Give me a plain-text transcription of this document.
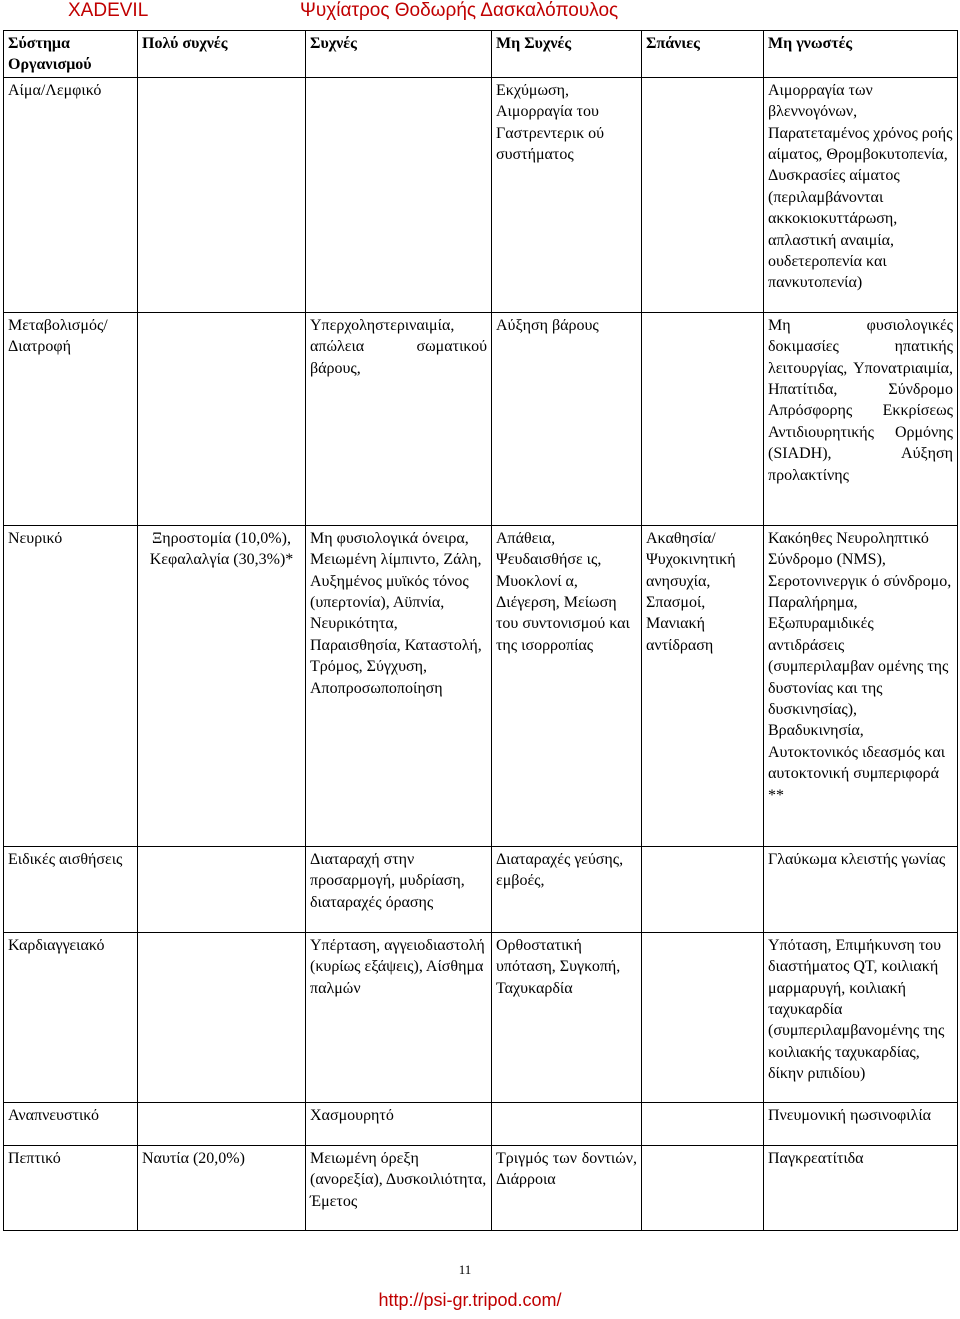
XADEVIL	Ψυχίατρος Θοδωρής Δασκαλόπουλος
Σύστημα Οργανισμού	Πολύ συχνές	Συχνές	Μη Συχνές	Σπάνιες	Μη γνωστές
Αίμα/Λεμφικό			Εκχύμωση, Αιμορραγία του Γαστρεντερικ ού συστήματος		Αιμορραγία των βλεννογόνων, Παρατεταμένος χρόνος ροής αίματος, Θρομβοκυτοπενία, Δυσκρασίες αίματος (περιλαμβάνονται ακκοκιοκυττάρωση, απλαστική αναιμία, ουδετεροπενία και πανκυτοπενία)
Μεταβολισμός/ Διατροφή		Υπερχοληστεριναιμία, απώλεια σωματικού βάρους,	Αύξηση βάρους		Μη φυσιολογικές δοκιμασίες ηπατικής λειτουργίας, Υπονατριαιμία, Ηπατίτιδα, Σύνδρομο Απρόσφορης Εκκρίσεως Αντιδιουρητικής Ορμόνης (SIADH), Αύξηση προλακτίνης
Νευρικό	Ξηροστομία (10,0%), Κεφαλαλγία (30,3%)*	Μη φυσιολογικά όνειρα, Μειωμένη λίμπιντο, Ζάλη, Αυξημένος μυϊκός τόνος (υπερτονία), Αϋπνία, Νευρικότητα, Παραισθησία, Καταστολή, Τρόμος, Σύγχυση, Αποπροσωποποίηση	Απάθεια, Ψευδαισθήσε ις, Μυοκλονί α, Διέγερση, Μείωση του συντονισμού και της ισορροπίας	Ακαθησία/ Ψυχοκινητική ανησυχία, Σπασμοί, Μανιακή αντίδραση	Κακόηθες Νευροληπτικό Σύνδρομο (NMS), Σεροτονινεργικ ό σύνδρομο, Παραλήρημα, Εξωπυραμιδικές αντιδράσεις (συμπεριλαμβαν ομένης της δυστονίας και της δυσκινησίας), Βραδυκινησία, Αυτοκτονικός ιδεασμός και αυτοκτονική συμπεριφορά **
Ειδικές αισθήσεις		Διαταραχή στην προσαρμογή, μυδρίαση, διαταραχές όρασης	Διαταραχές γεύσης, εμβοές,		Γλαύκωμα κλειστής γωνίας
Καρδιαγγειακό		Υπέρταση, αγγειοδιαστολή (κυρίως εξάψεις), Αίσθημα παλμών	Ορθοστατική υπόταση, Συγκοπή, Ταχυκαρδία		Υπόταση, Επιμήκυνση του διαστήματος QT, κοιλιακή μαρμαρυγή, κοιλιακή ταχυκαρδία (συμπεριλαμβανομένης της κοιλιακής ταχυκαρδίας, δίκην ριπιδίου)
Αναπνευστικό		Χασμουρητό			Πνευμονική ηωσινοφιλία
Πεπτικό	Ναυτία (20,0%)	Μειωμένη όρεξη (ανορεξία), Δυσκοιλιότητα, Έμετος	Τριγμός των δοντιών, Διάρροια		Παγκρεατίτιδα
11
http://psi-gr.tripod.com/
